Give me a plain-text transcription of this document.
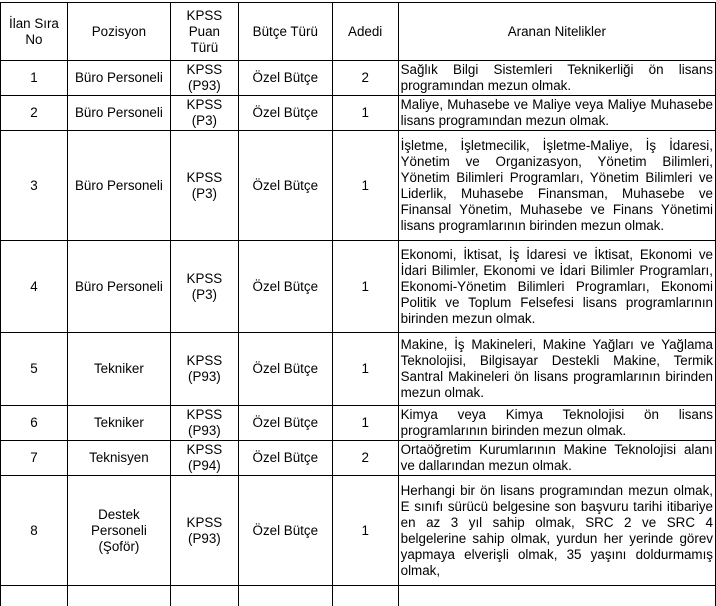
İlan Sıra No	Pozisyon	KPSS Puan Türü	Bütçe Türü	Adedi	Aranan Nitelikler
1	Büro Personeli	KPSS (P93)	Özel Bütçe	2	Sağlık Bilgi Sistemleri Teknikerliği ön lisans programından mezun olmak.
2	Büro Personeli	KPSS (P3)	Özel Bütçe	1	Maliye, Muhasebe ve Maliye veya Maliye Muhasebe lisans programından mezun olmak.
3	Büro Personeli	KPSS (P3)	Özel Bütçe	1	İşletme, İşletmecilik, İşletme-Maliye, İş İdaresi, Yönetim ve Organizasyon, Yönetim Bilimleri, Yönetim Bilimleri Programları, Yönetim Bilimleri ve Liderlik, Muhasebe Finansman, Muhasebe ve Finansal Yönetim, Muhasebe ve Finans Yönetimi lisans programlarının birinden mezun olmak.
4	Büro Personeli	KPSS (P3)	Özel Bütçe	1	Ekonomi, İktisat, İş İdaresi ve İktisat, Ekonomi ve İdari Bilimler, Ekonomi ve İdari Bilimler Programları, Ekonomi-Yönetim Bilimleri Programları, Ekonomi Politik ve Toplum Felsefesi lisans programlarının birinden mezun olmak.
5	Tekniker	KPSS (P93)	Özel Bütçe	1	Makine, İş Makineleri, Makine Yağları ve Yağlama Teknolojisi, Bilgisayar Destekli Makine, Termik Santral Makineleri ön lisans programlarının birinden mezun olmak.
6	Tekniker	KPSS (P93)	Özel Bütçe	1	Kimya veya Kimya Teknolojisi ön lisans programlarının birinden mezun olmak.
7	Teknisyen	KPSS (P94)	Özel Bütçe	2	Ortaöğretim Kurumlarının Makine Teknolojisi alanı ve dallarından mezun olmak.
8	Destek Personeli (Şoför)	KPSS (P93)	Özel Bütçe	1	Herhangi bir ön lisans programından mezun olmak, E sınıfı sürücü belgesine son başvuru tarihi itibariye en az 3 yıl sahip olmak, SRC 2 ve SRC 4 belgelerine sahip olmak, yurdun her yerinde görev yapmaya elverişli olmak, 35 yaşını doldurmamış olmak,
